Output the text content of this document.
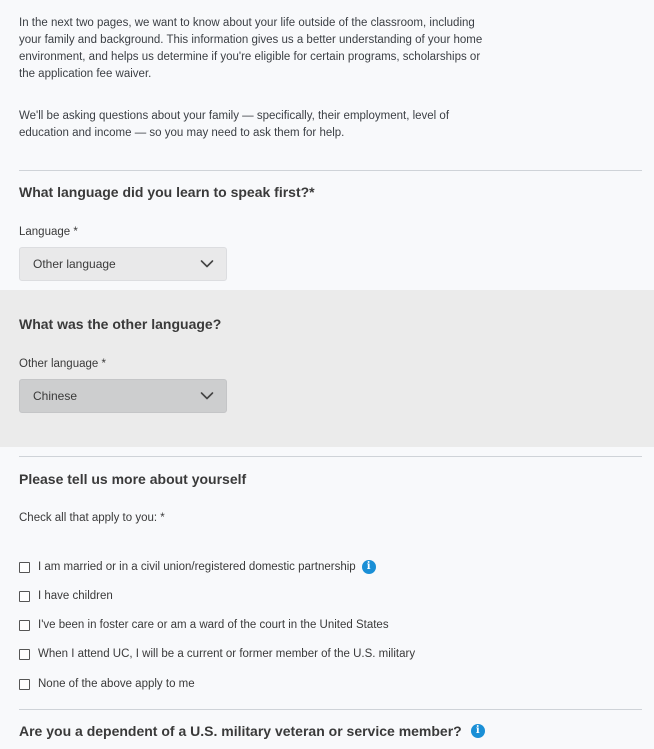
In the next two pages, we want to know about your life outside of the classroom, including your family and background. This information gives us a better understanding of your home environment, and helps us determine if you're eligible for certain programs, scholarships or the application fee waiver.
We'll be asking questions about your family — specifically, their employment, level of education and income — so you may need to ask them for help.
What language did you learn to speak first?*
Language *
Other language
What was the other language?
Other language *
Chinese
Please tell us more about yourself
Check all that apply to you: *
I am married or in a civil union/registered domestic partnership	i
I have children
I've been in foster care or am a ward of the court in the United States
When I attend UC, I will be a current or former member of the U.S. military
None of the above apply to me
Are you a dependent of a U.S. military veteran or service member?	i
